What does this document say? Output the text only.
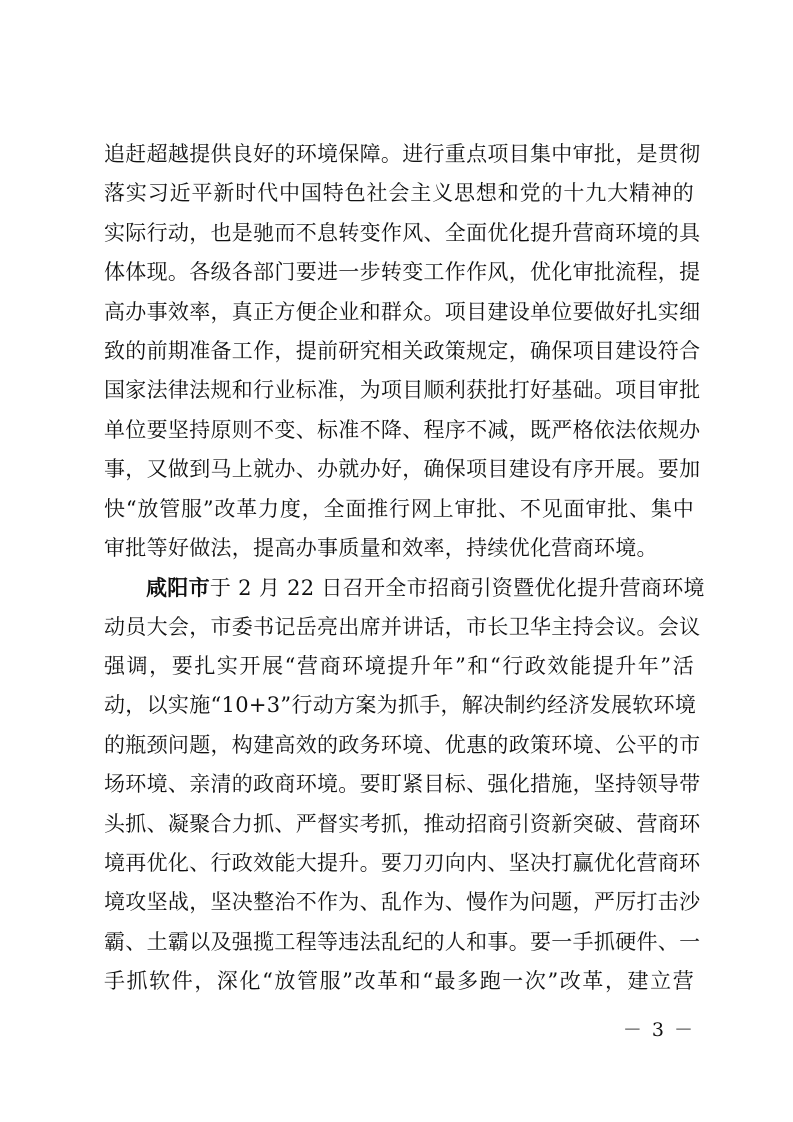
追赶超越提供良好的环境保障。进行重点项目集中审批，是贯彻
落实习近平新时代中国特色社会主义思想和党的十九大精神的
实际行动，也是驰而不息转变作风、全面优化提升营商环境的具
体体现。各级各部门要进一步转变工作作风，优化审批流程，提
高办事效率，真正方便企业和群众。项目建设单位要做好扎实细
致的前期准备工作，提前研究相关政策规定，确保项目建设符合
国家法律法规和行业标准，为项目顺利获批打好基础。项目审批
单位要坚持原则不变、标准不降、程序不减，既严格依法依规办
事，又做到马上就办、办就办好，确保项目建设有序开展。要加
快“放管服”改革力度，全面推行网上审批、不见面审批、集中
审批等好做法，提高办事质量和效率，持续优化营商环境。
咸阳市于 2 月 22 日召开全市招商引资暨优化提升营商环境
动员大会，市委书记岳亮出席并讲话，市长卫华主持会议。会议
强调，要扎实开展“营商环境提升年”和“行政效能提升年”活
动，以实施“10+3”行动方案为抓手，解决制约经济发展软环境
的瓶颈问题，构建高效的政务环境、优惠的政策环境、公平的市
场环境、亲清的政商环境。要盯紧目标、强化措施，坚持领导带
头抓、凝聚合力抓、严督实考抓，推动招商引资新突破、营商环
境再优化、行政效能大提升。要刀刃向内、坚决打赢优化营商环
境攻坚战，坚决整治不作为、乱作为、慢作为问题，严厉打击沙
霸、土霸以及强揽工程等违法乱纪的人和事。要一手抓硬件、一
手抓软件，深化“放管服”改革和“最多跑一次”改革，建立营
－ 3 －
